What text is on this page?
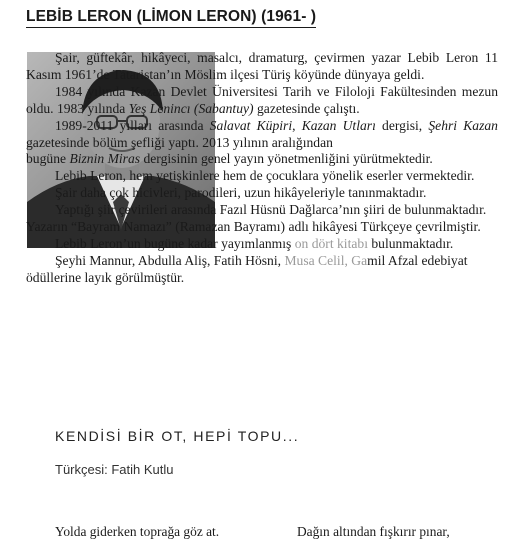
LEBİB LERON (LİMON LERON) (1961- )

Şair, güftekâr, hikâyeci, masalcı, dramaturg, çevirmen yazar Lebib Leron 11 Kasım 1961’de Tataristan’ın Möslim ilçesi Türiş köyünde dünyaya geldi.

1984 yılında Kazan Devlet Üniversitesi Tarih ve Filoloji Fakültesinden mezun oldu. 1983 yılında Yeş Lenincı (Sabantuy) gazetesinde çalıştı.

1989-2011 yılları arasında Salavat Küpiri, Kazan Utları dergisi, Şehri Kazan gazetesinde bölüm şefliği yaptı. 2013 yılının aralığından

bugüne Biznin Miras dergisinin genel yayın yönetmenliğini yürütmektedir.

Lebib Leron, hem yetişkinlere hem de çocuklara yönelik eserler vermektedir.

Şair daha çok hicivleri, parodileri, uzun hikâyeleriyle tanınmaktadır.

Yaptığı şiir çevirileri arasında Fazıl Hüsnü Dağlarca’nın şiiri de bulunmaktadır.

Yazarın “Bayram Namazı” (Ramazan Bayramı) adlı hikâyesi Türkçeye çevrilmiştir.

Lebib Leron’un bugüne kadar yayımlanmış on dört kitabı bulunmaktadır.

Şeyhi Mannur, Abdulla Aliş, Fatih Hösni, Musa Celil, Gamil Afzal edebiyat

ödüllerine layık görülmüştür.

KENDİSİ BİR OT, HEPİ TOPU...
Türkçesi: Fatih Kutlu
Yolda giderken toprağa göz at.	Dağın altından fışkırır pınar,
